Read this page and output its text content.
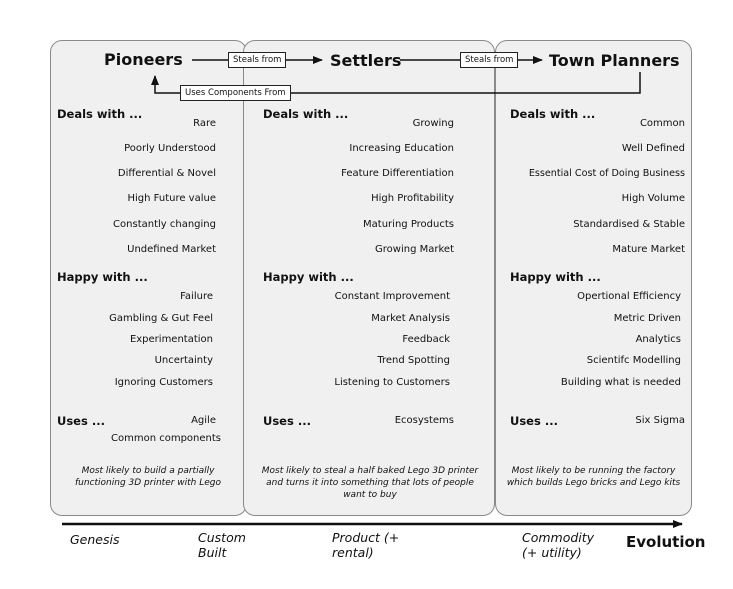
Pioneers	Settlers	Town Planners
Steals from	Steals from
Uses Components From
Deals with ...
Rare
Poorly Understood
Differential & Novel
High Future value
Constantly changing
Undefined Market
Happy with ...
Failure
Gambling & Gut Feel
Experimentation
Uncertainty
Ignoring Customers
Uses ...	Agile
Common components
Most likely to build a partially functioning 3D printer with Lego
Deals with ...
Growing
Increasing Education
Feature Differentiation
High Profitability
Maturing Products
Growing Market
Happy with ...
Constant Improvement
Market Analysis
Feedback
Trend Spotting
Listening to Customers
Uses ...	Ecosystems
Most likely to steal a half baked Lego 3D printer and turns it into something that lots of people want to buy
Deals with ...
Common
Well Defined
Essential Cost of Doing Business
High Volume
Standardised & Stable
Mature Market
Happy with ...
Opertional Efficiency
Metric Driven
Analytics
Scientifc Modelling
Building what is needed
Uses ...	Six Sigma
Most likely to be running the factory which builds Lego bricks and Lego kits
Genesis	Custom Built
Product (+ rental)
Commodity (+ utility)
Evolution
